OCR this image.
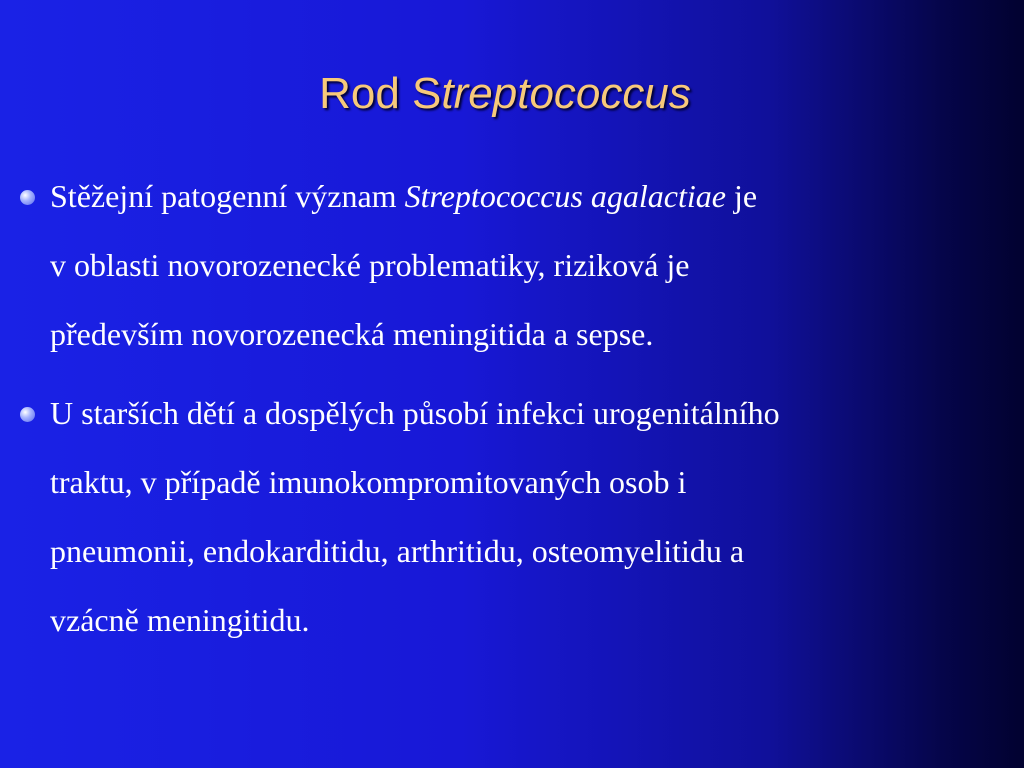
Rod Streptococcus
Stěžejní patogenní význam Streptococcus agalactiae je
v oblasti novorozenecké problematiky, riziková je
především novorozenecká meningitida a sepse.
U starších dětí a dospělých působí infekci urogenitálního
traktu, v případě imunokompromitovaných osob i
pneumonii, endokarditidu, arthritidu, osteomyelitidu a
vzácně meningitidu.
